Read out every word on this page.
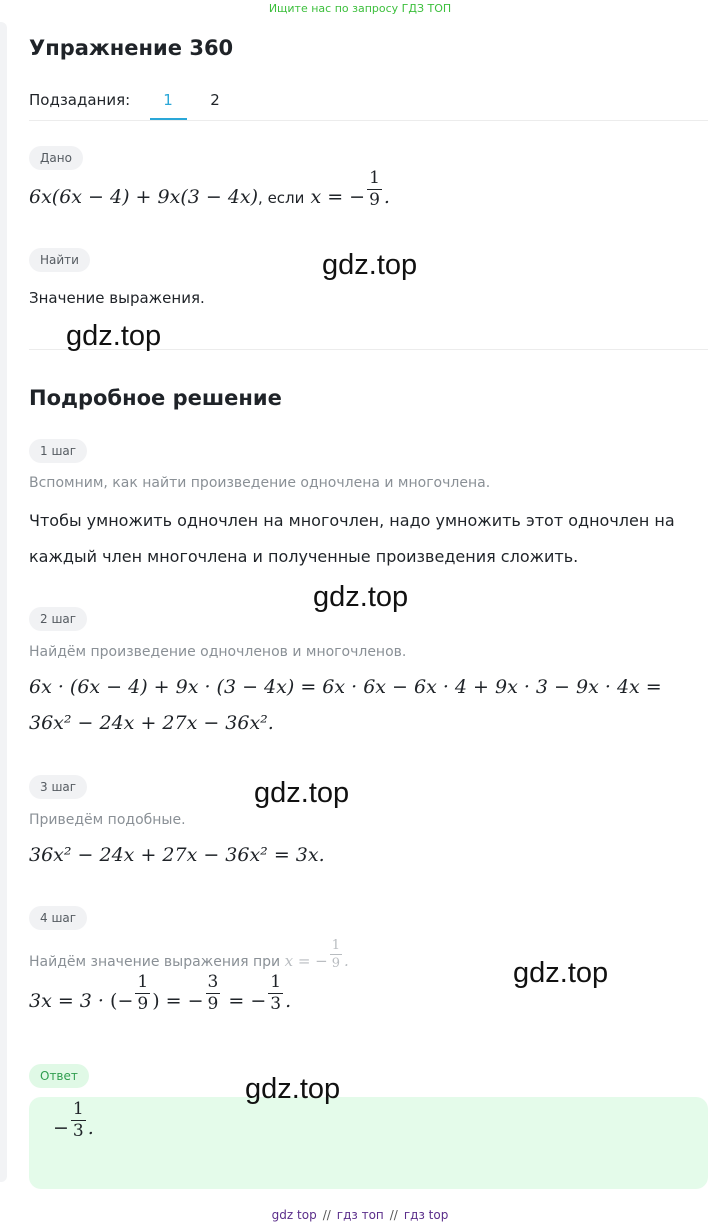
Ищите нас по запросу ГДЗ ТОП
Упражнение 360
Подзадания:	1	2
Дано
6x(6x − 4) + 9x(3 − 4x), если x = − $\frac{1}{9}$ .
Найти
Значение выражения.
Подробное решение
1 шаг
Вспомним, как найти произведение одночлена и многочлена.
Чтобы умножить одночлен на многочлен, надо умножить этот одночлен на
каждый член многочлена и полученные произведения сложить.
2 шаг
Найдём произведение одночленов и многочленов.
6x · (6x − 4) + 9x · (3 − 4x) = 6x · 6x − 6x · 4 + 9x · 3 − 9x · 4x =
36x² − 24x + 27x − 36x².
3 шаг
Приведём подобные.
36x² − 24x + 27x − 36x² = 3x.
4 шаг
Найдём значение выражения при x = − $\frac{1}{9}$ .
3x = 3 · (− $\frac{1}{9}$ ) = − $\frac{3}{9}$ = − $\frac{1}{3}$ .
Ответ
− $\frac{1}{3}$ .
gdz.top
gdz.top
gdz.top
gdz.top
gdz.top
gdz.top
gdz top // гдз топ // гдз top
